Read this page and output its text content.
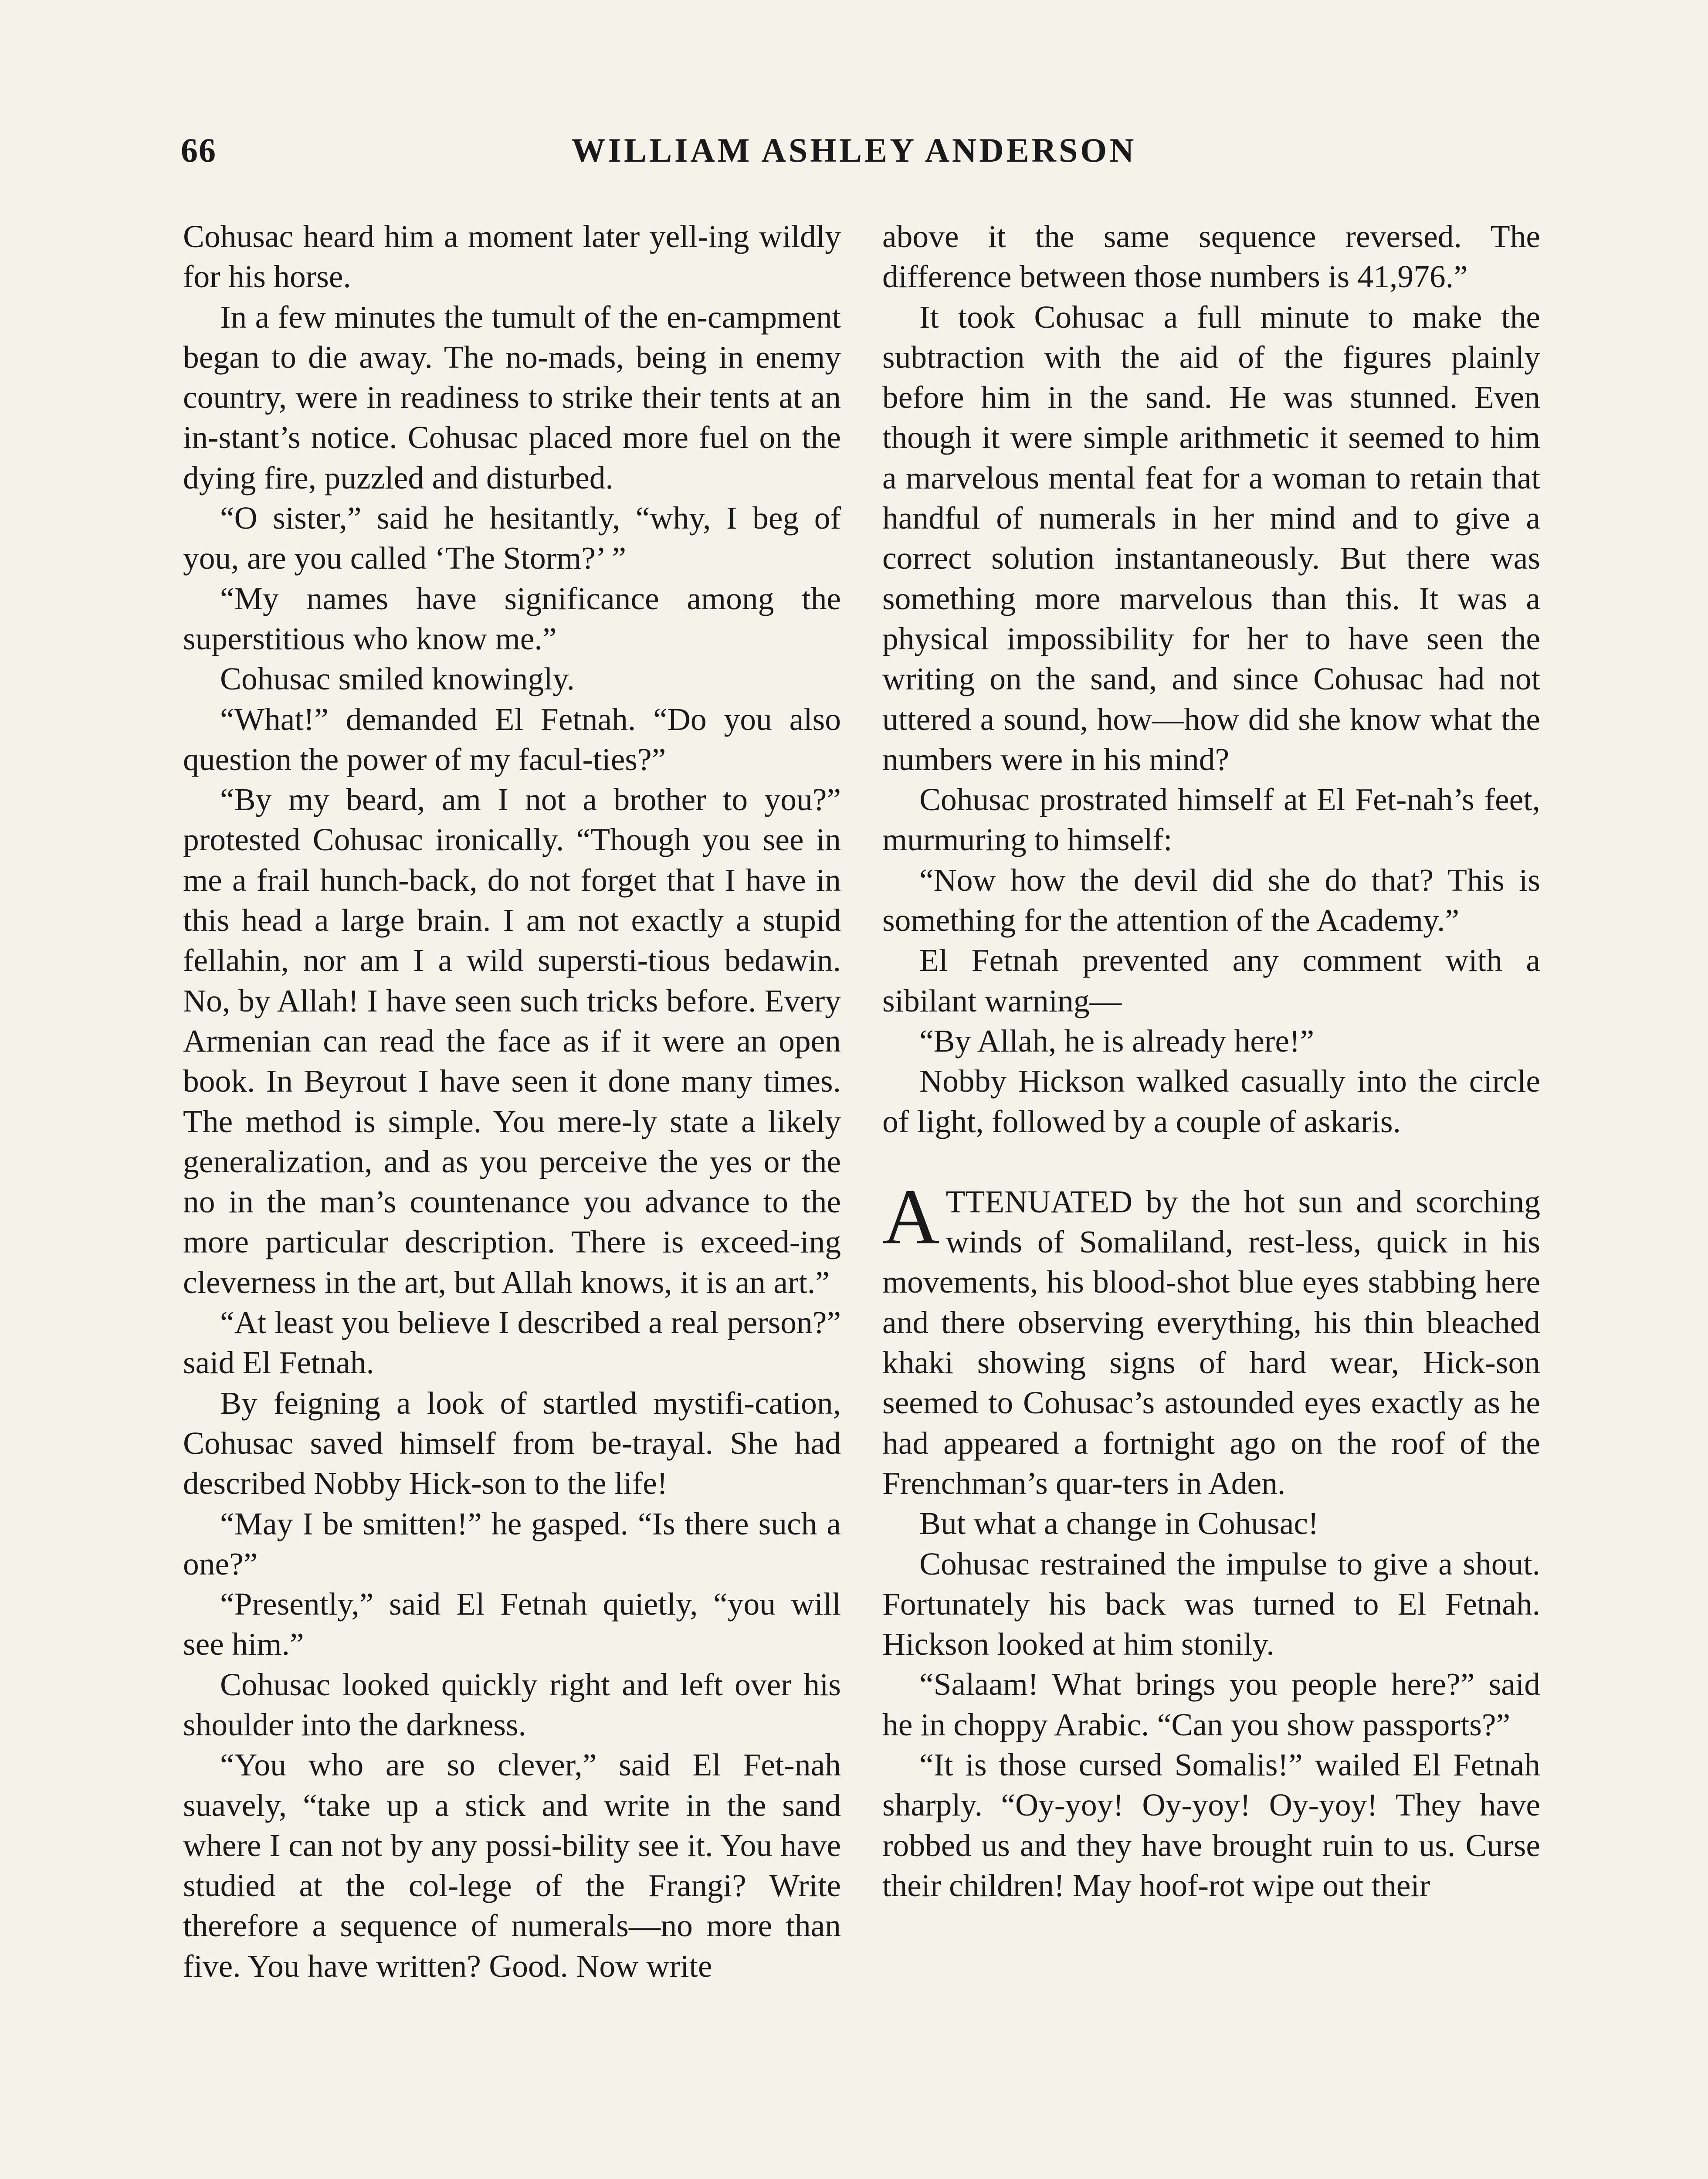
66	WILLIAM ASHLEY ANDERSON

Cohusac heard him a moment later yell-ing wildly for his horse.

In a few minutes the tumult of the en-campment began to die away. The no-mads, being in enemy country, were in readiness to strike their tents at an in-stant’s notice. Cohusac placed more fuel on the dying fire, puzzled and disturbed.

“O sister,” said he hesitantly, “why, I beg of you, are you called ‘The Storm?’ ”

“My names have significance among the superstitious who know me.”

Cohusac smiled knowingly.

“What!” demanded El Fetnah. “Do you also question the power of my facul-ties?”

“By my beard, am I not a brother to you?” protested Cohusac ironically. “Though you see in me a frail hunch-back, do not forget that I have in this head a large brain. I am not exactly a stupid fellahin, nor am I a wild supersti-tious bedawin. No, by Allah! I have seen such tricks before. Every Armenian can read the face as if it were an open book. In Beyrout I have seen it done many times. The method is simple. You mere-ly state a likely generalization, and as you perceive the yes or the no in the man’s countenance you advance to the more particular description. There is exceed-ing cleverness in the art, but Allah knows, it is an art.”

“At least you believe I described a real person?” said El Fetnah.

By feigning a look of startled mystifi-cation, Cohusac saved himself from be-trayal. She had described Nobby Hick-son to the life!

“May I be smitten!” he gasped. “Is there such a one?”

“Presently,” said El Fetnah quietly, “you will see him.”

Cohusac looked quickly right and left over his shoulder into the darkness.

“You who are so clever,” said El Fet-nah suavely, “take up a stick and write in the sand where I can not by any possi-bility see it. You have studied at the col-lege of the Frangi? Write therefore a sequence of numerals—no more than five. You have written? Good. Now write

above it the same sequence reversed. The difference between those numbers is 41,976.”

It took Cohusac a full minute to make the subtraction with the aid of the figures plainly before him in the sand. He was stunned. Even though it were simple arithmetic it seemed to him a marvelous mental feat for a woman to retain that handful of numerals in her mind and to give a correct solution instantaneously. But there was something more marvelous than this. It was a physical impossibility for her to have seen the writing on the sand, and since Cohusac had not uttered a sound, how—how did she know what the numbers were in his mind?

Cohusac prostrated himself at El Fet-nah’s feet, murmuring to himself:

“Now how the devil did she do that? This is something for the attention of the Academy.”

El Fetnah prevented any comment with a sibilant warning—

“By Allah, he is already here!”

Nobby Hickson walked casually into the circle of light, followed by a couple of askaris.

ATTENUATED by the hot sun and scorching winds of Somaliland, rest-less, quick in his movements, his blood-shot blue eyes stabbing here and there observing everything, his thin bleached khaki showing signs of hard wear, Hick-son seemed to Cohusac’s astounded eyes exactly as he had appeared a fortnight ago on the roof of the Frenchman’s quar-ters in Aden.

But what a change in Cohusac!

Cohusac restrained the impulse to give a shout. Fortunately his back was turned to El Fetnah. Hickson looked at him stonily.

“Salaam! What brings you people here?” said he in choppy Arabic. “Can you show passports?”

“It is those cursed Somalis!” wailed El Fetnah sharply. “Oy-yoy! Oy-yoy! Oy-yoy! They have robbed us and they have brought ruin to us. Curse their children! May hoof-rot wipe out their
